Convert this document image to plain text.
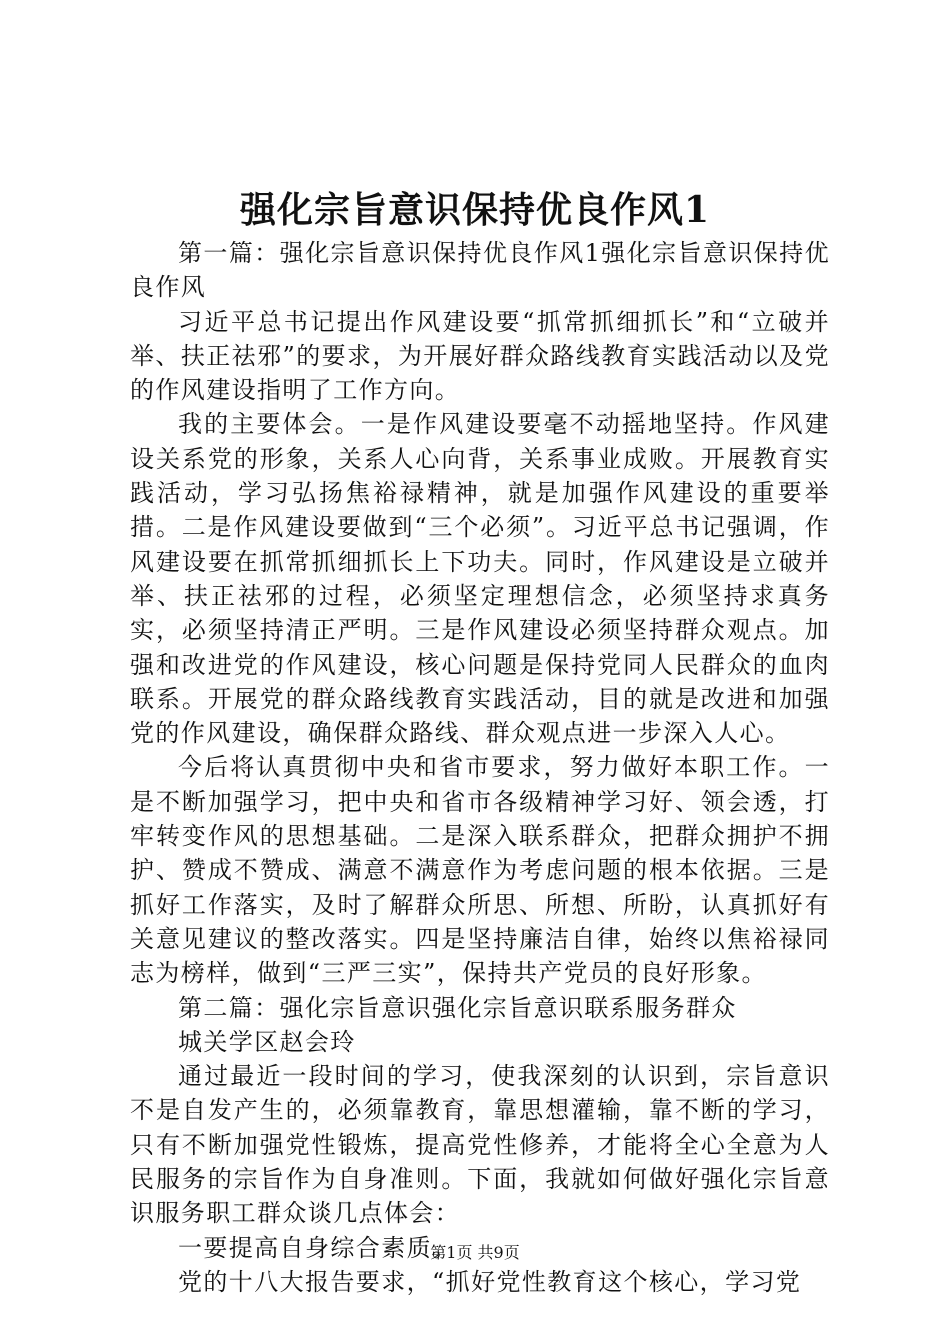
强化宗旨意识保持优良作风1

第一篇：强化宗旨意识保持优良作风1强化宗旨意识保持优良作风

习近平总书记提出作风建设要“抓常抓细抓长”和“立破并举、扶正祛邪”的要求，为开展好群众路线教育实践活动以及党的作风建设指明了工作方向。

我的主要体会。一是作风建设要毫不动摇地坚持。作风建设关系党的形象，关系人心向背，关系事业成败。开展教育实践活动，学习弘扬焦裕禄精神，就是加强作风建设的重要举措。二是作风建设要做到“三个必须”。习近平总书记强调，作风建设要在抓常抓细抓长上下功夫。同时，作风建设是立破并举、扶正祛邪的过程，必须坚定理想信念，必须坚持求真务实，必须坚持清正严明。三是作风建设必须坚持群众观点。加强和改进党的作风建设，核心问题是保持党同人民群众的血肉联系。开展党的群众路线教育实践活动，目的就是改进和加强党的作风建设，确保群众路线、群众观点进一步深入人心。

今后将认真贯彻中央和省市要求，努力做好本职工作。一是不断加强学习，把中央和省市各级精神学习好、领会透，打牢转变作风的思想基础。二是深入联系群众，把群众拥护不拥护、赞成不赞成、满意不满意作为考虑问题的根本依据。三是抓好工作落实，及时了解群众所思、所想、所盼，认真抓好有关意见建议的整改落实。四是坚持廉洁自律，始终以焦裕禄同志为榜样，做到“三严三实”，保持共产党员的良好形象。

第二篇：强化宗旨意识强化宗旨意识联系服务群众

城关学区赵会玲

通过最近一段时间的学习，使我深刻的认识到，宗旨意识不是自发产生的，必须靠教育，靠思想灌输，靠不断的学习，只有不断加强党性锻炼，提高党性修养，才能将全心全意为人民服务的宗旨作为自身准则。下面，我就如何做好强化宗旨意识服务职工群众谈几点体会：

一要提高自身综合素质。

党的十八大报告要求，“抓好党性教育这个核心，学习党

第1页 共9页
